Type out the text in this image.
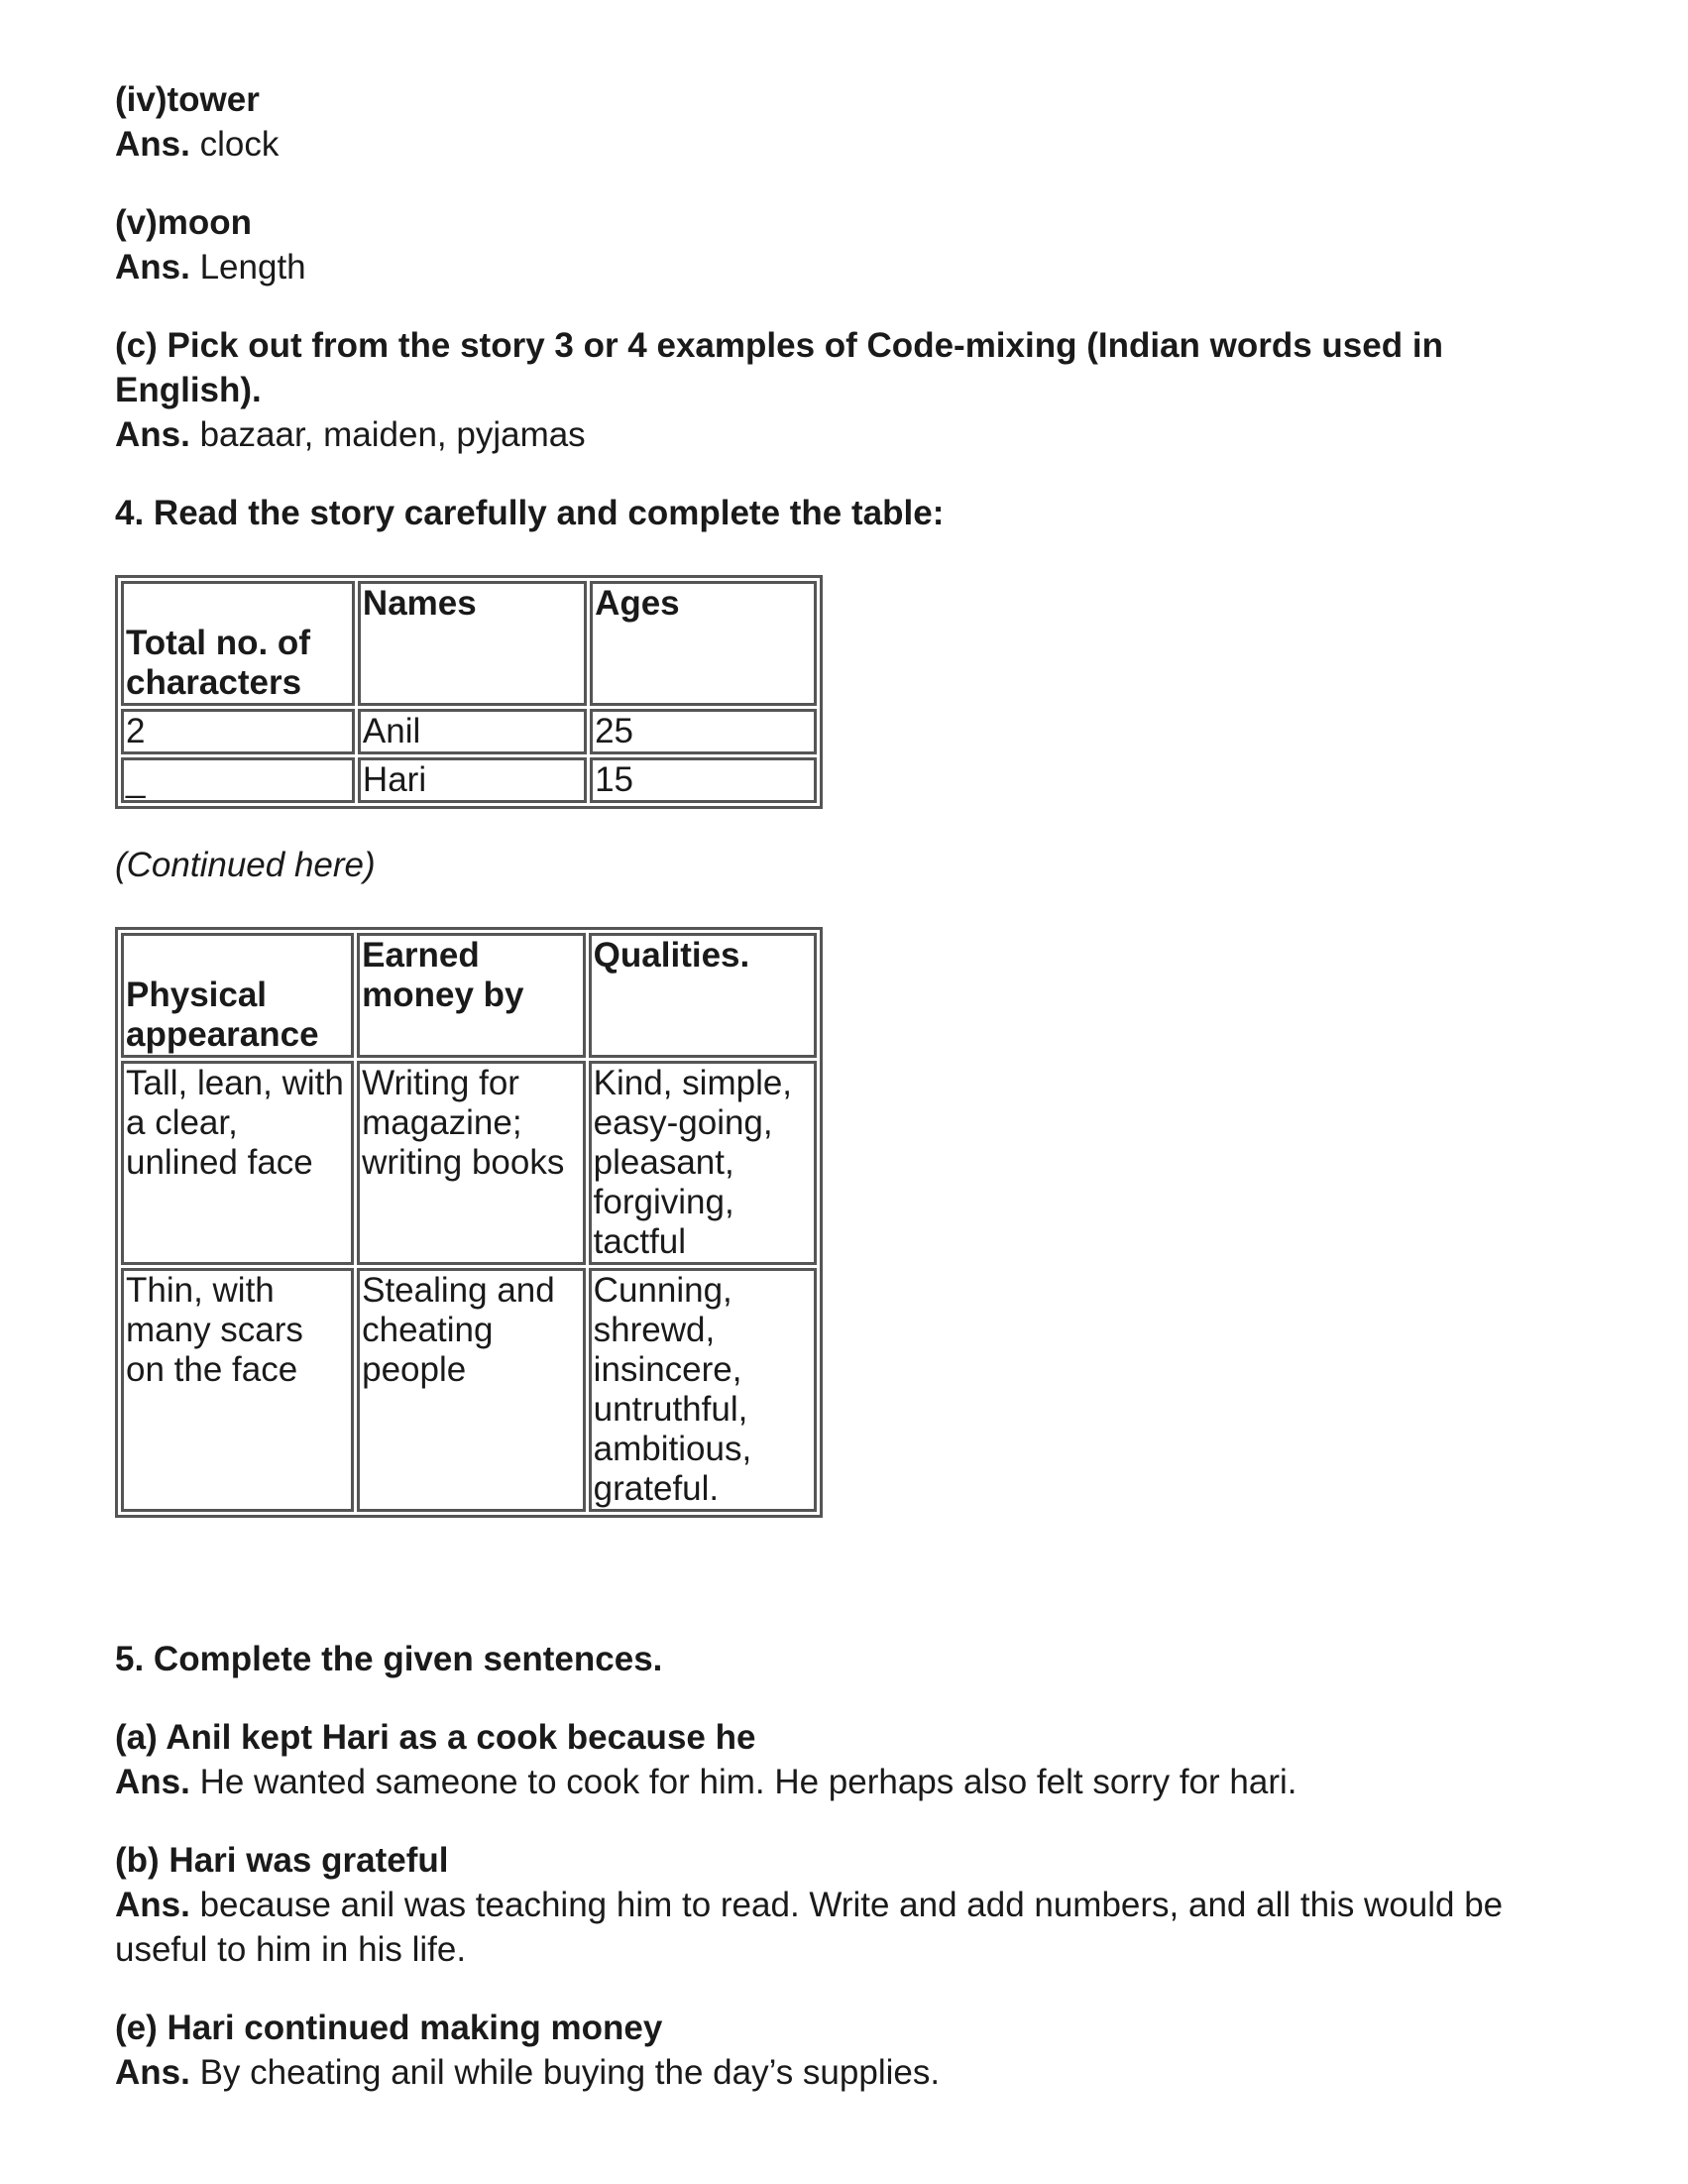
(iv)tower

Ans. clock

(v)moon

Ans. Length

(c) Pick out from the story 3 or 4 examples of Code-mixing (Indian words used in

English).

Ans. bazaar, maiden, pyjamas

4. Read the story carefully and complete the table:

Total no. of characters	Names	Ages
2	Anil	25
_	Hari	15

(Continued here)

Physical appearance	Earned money by	Qualities.
Tall, lean, with a clear, unlined face	Writing for magazine; writing books	Kind, simple, easy-going, pleasant, forgiving, tactful
Thin, with many scars on the face	Stealing and cheating people	Cunning, shrewd, insincere, untruthful, ambitious, grateful.

5. Complete the given sentences.

(a) Anil kept Hari as a cook because he

Ans. He wanted sameone to cook for him. He perhaps also felt sorry for hari.

(b) Hari was grateful

Ans. because anil was teaching him to read. Write and add numbers, and all this would be

useful to him in his life.

(e) Hari continued making money

Ans. By cheating anil while buying the day’s supplies.
